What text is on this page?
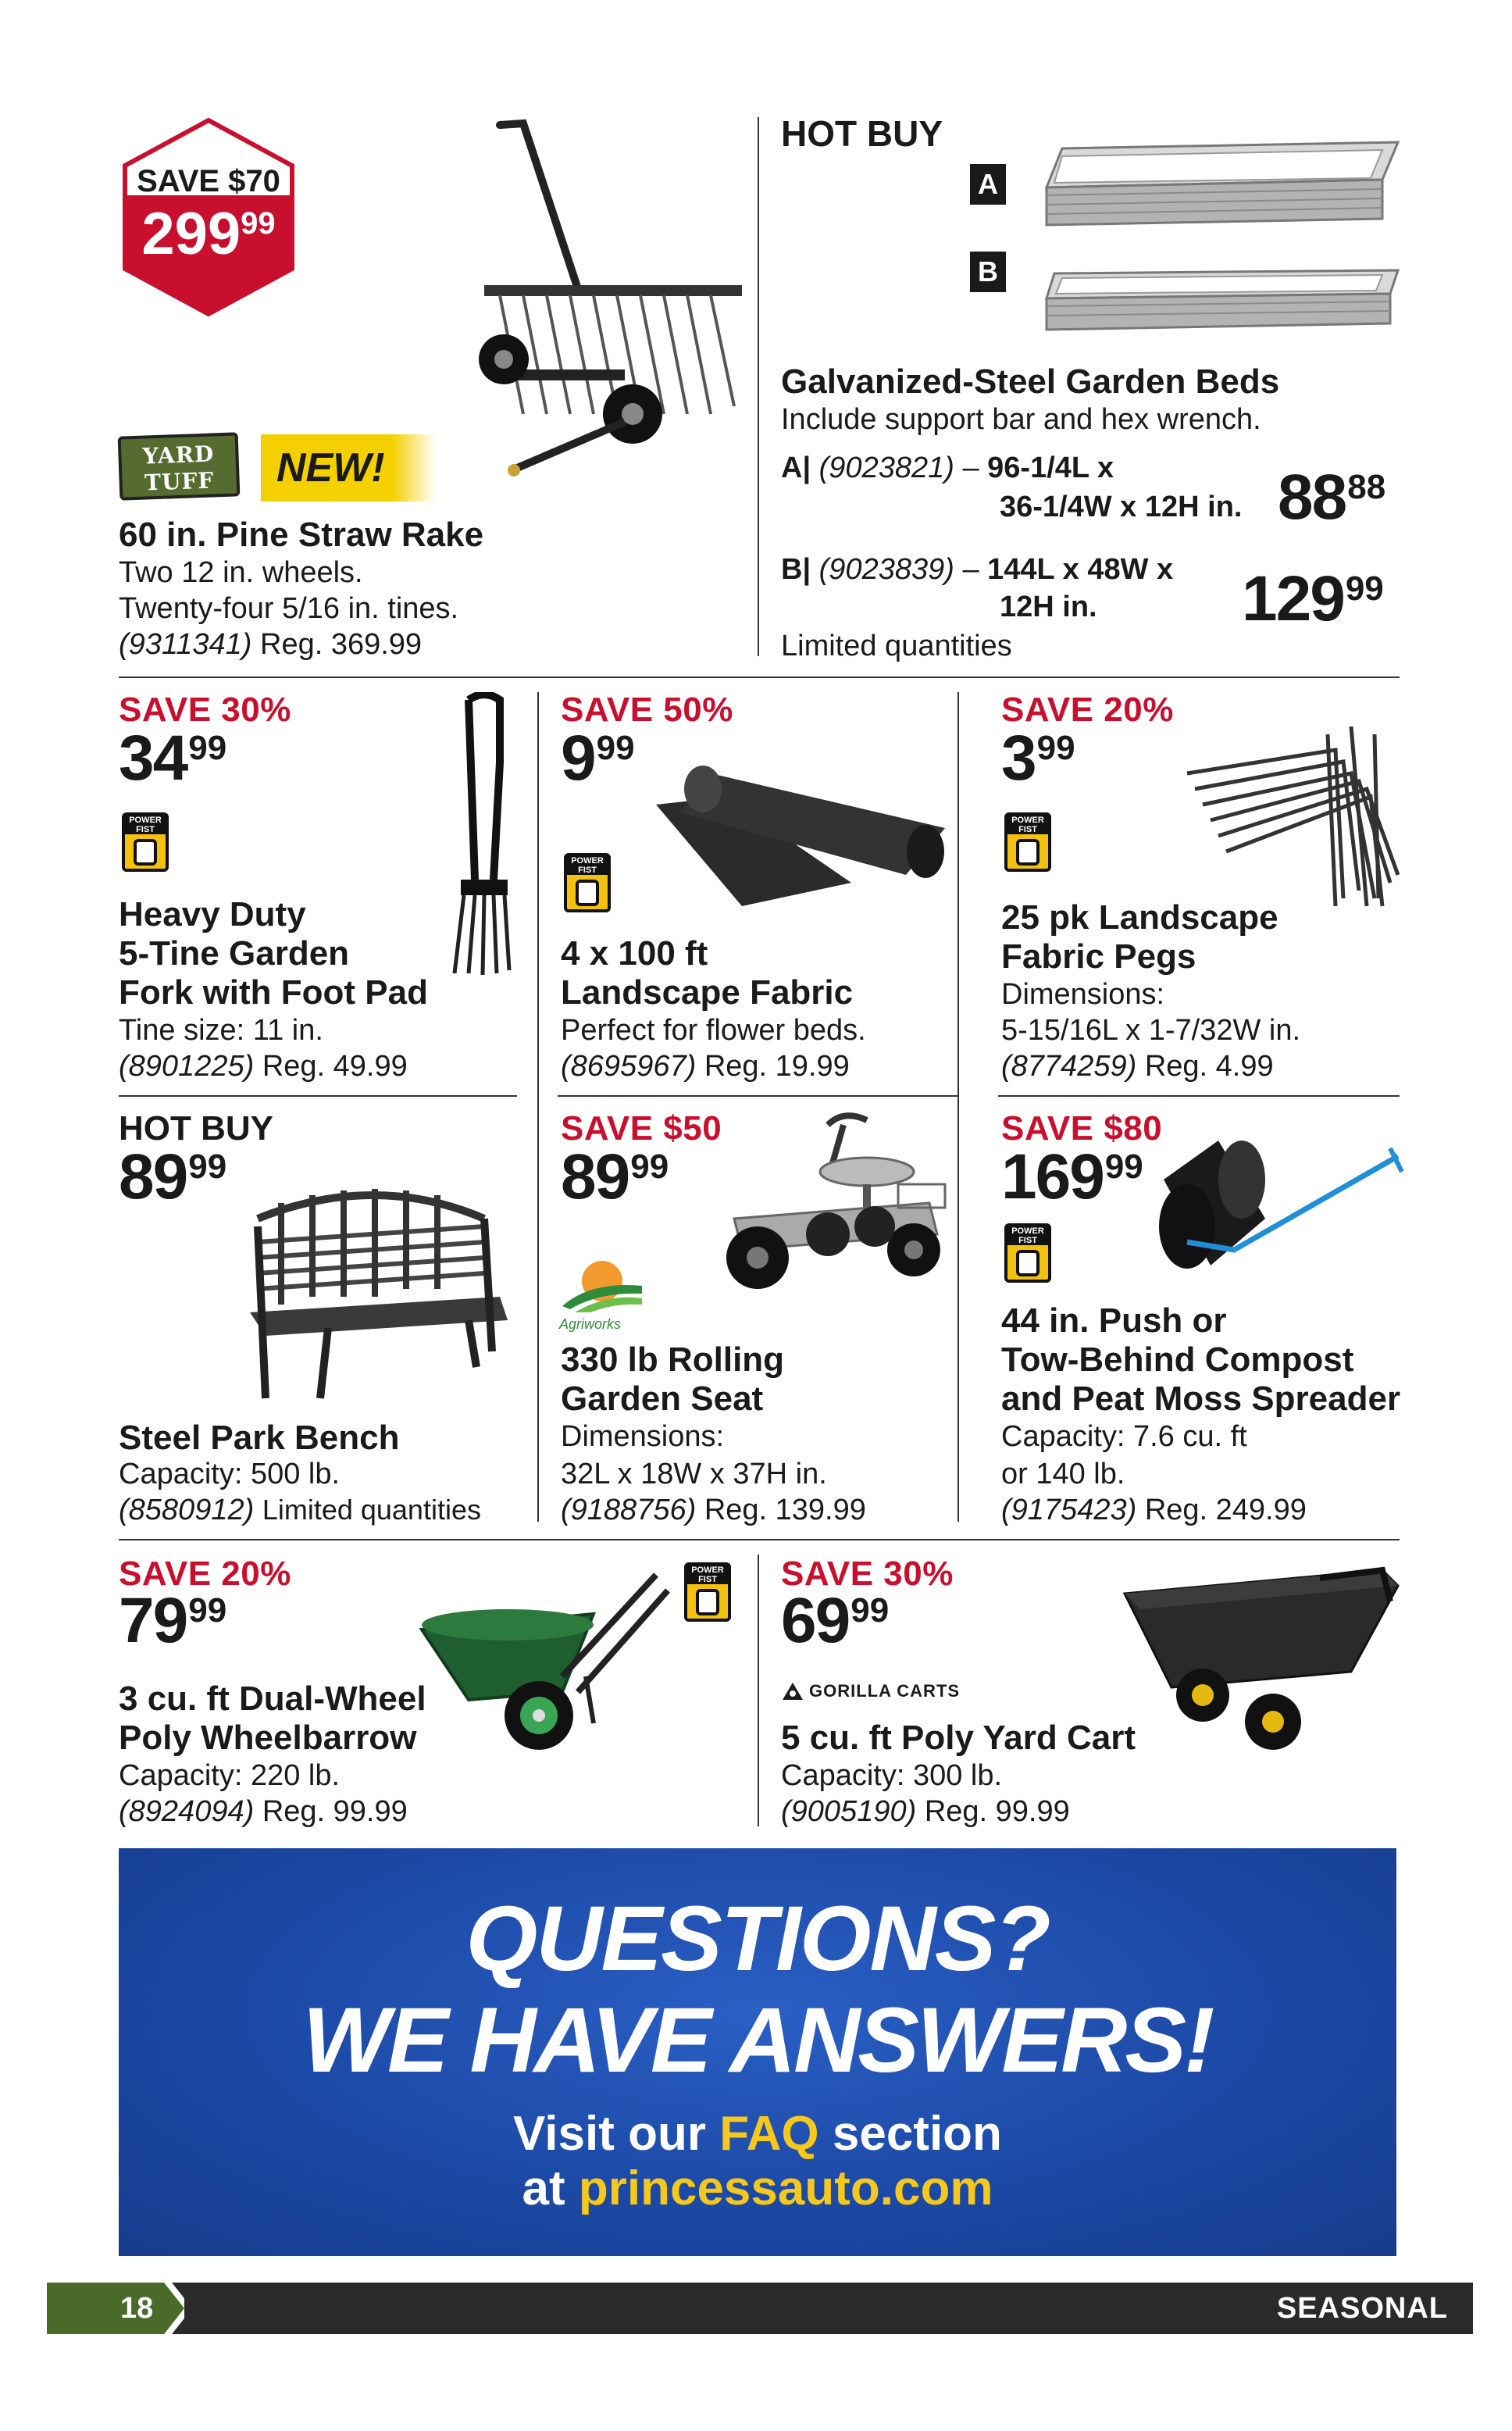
SAVE $70
$299^{99}$
YARD TUFF	NEW!
60 in. Pine Straw Rake
Two 12 in. wheels.
Twenty-four 5/16 in. tines.
(9311341) Reg. 369.99
HOT BUY
A
B
Galvanized-Steel Garden Beds
Include support bar and hex wrench.
A| (9023821) – 96-1/4L x
36-1/4W x 12H in. $88^{88}$
B| (9023839) – 144L x 48W x
12H in. $129^{99}$
Limited quantities
SAVE 30%
$34^{99}$
POWER FIST
Heavy Duty
5-Tine Garden
Fork with Foot Pad
Tine size: 11 in.
(8901225) Reg. 49.99
SAVE 50%
$9^{99}$
POWER FIST
4 x 100 ft
Landscape Fabric
Perfect for flower beds.
(8695967) Reg. 19.99
SAVE 20%
$3^{99}$
POWER FIST
25 pk Landscape
Fabric Pegs
Dimensions:
5-15/16L x 1-7/32W in.
(8774259) Reg. 4.99
HOT BUY
$89^{99}$
Steel Park Bench
Capacity: 500 lb.
(8580912) Limited quantities
SAVE $50
$89^{99}$
Agriworks
330 lb Rolling
Garden Seat
Dimensions:
32L x 18W x 37H in.
(9188756) Reg. 139.99
SAVE $80
$169^{99}$
POWER FIST
44 in. Push or
Tow-Behind Compost
and Peat Moss Spreader
Capacity: 7.6 cu. ft
or 140 lb.
(9175423) Reg. 249.99
SAVE 20%
$79^{99}$
POWER FIST
3 cu. ft Dual-Wheel
Poly Wheelbarrow
Capacity: 220 lb.
(8924094) Reg. 99.99
SAVE 30%
$69^{99}$
GORILLA CARTS
5 cu. ft Poly Yard Cart
Capacity: 300 lb.
(9005190) Reg. 99.99
QUESTIONS?
WE HAVE ANSWERS!
Visit our FAQ section
at princessauto.com
18	SEASONAL
